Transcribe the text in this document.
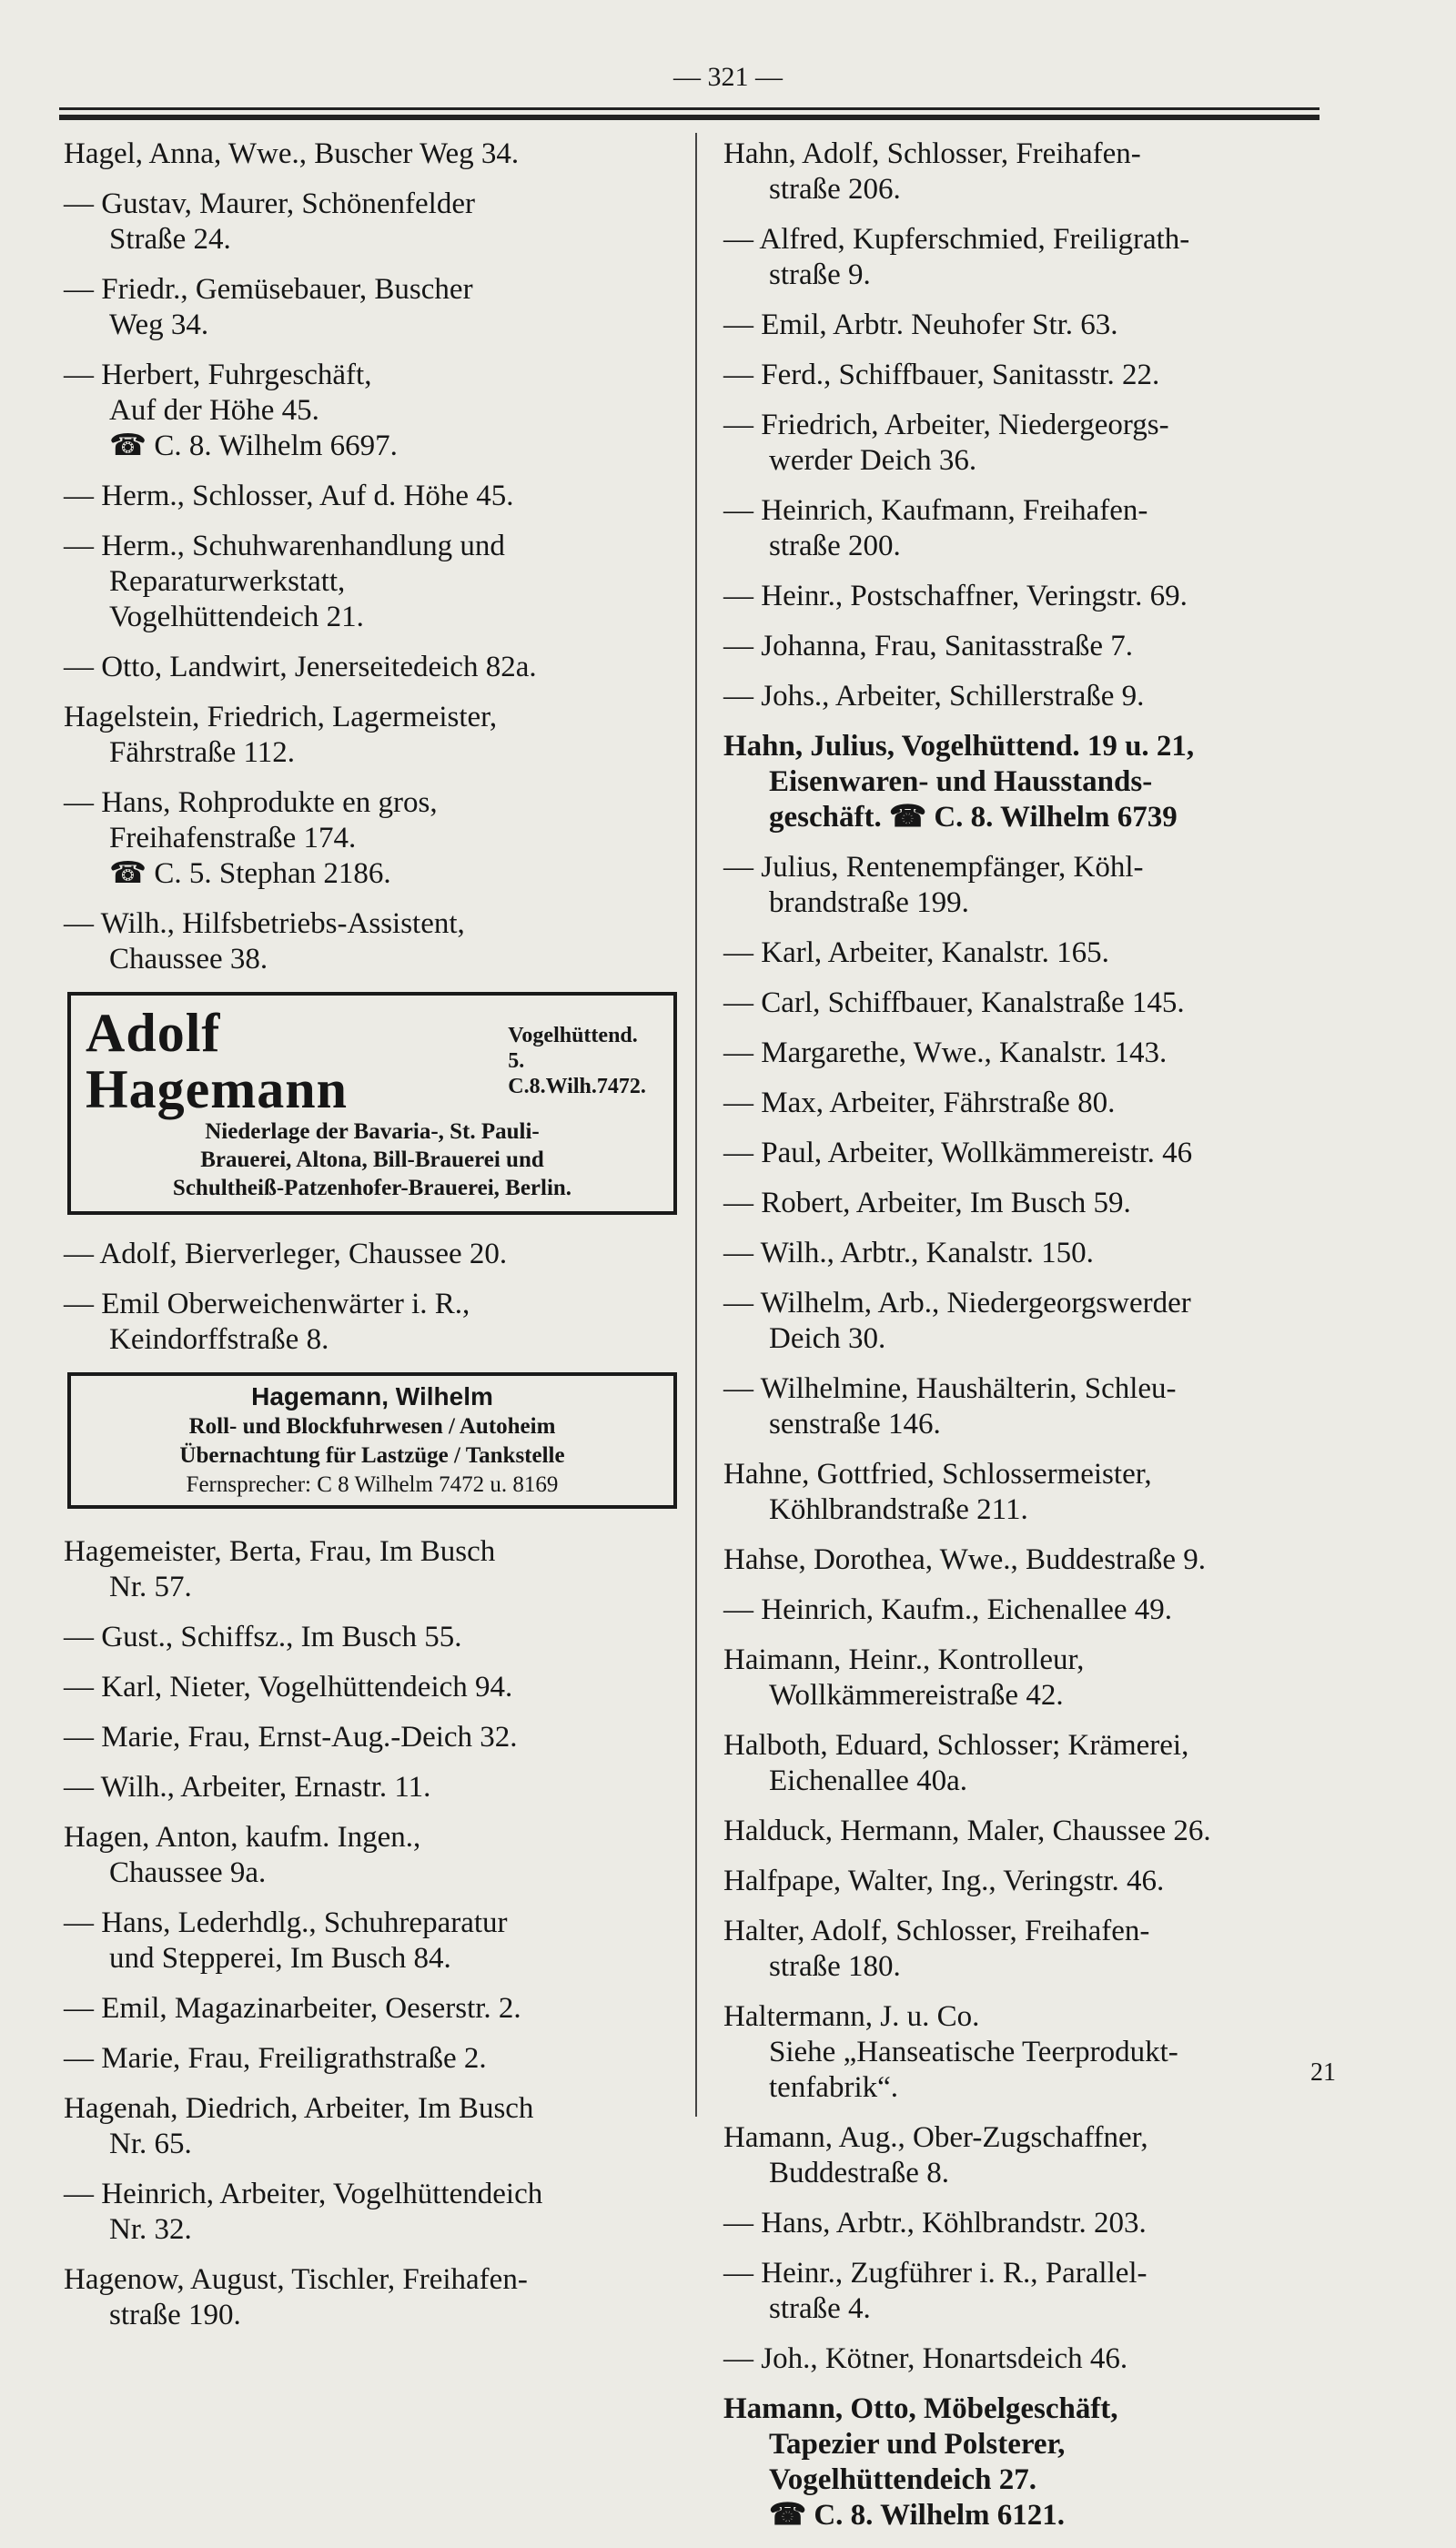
— 321 —
Hagel, Anna, Wwe., Buscher Weg 34.
— Gustav, Maurer, Schönenfelder
Straße 24.
— Friedr., Gemüsebauer, Buscher
Weg 34.
— Herbert, Fuhrgeschäft,
Auf der Höhe 45.
☎ C. 8. Wilhelm 6697.
— Herm., Schlosser, Auf d. Höhe 45.
— Herm., Schuhwarenhandlung und
Reparaturwerkstatt,
Vogelhüttendeich 21.
— Otto, Landwirt, Jenerseitedeich 82a.
Hagelstein, Friedrich, Lagermeister,
Fährstraße 112.
— Hans, Rohprodukte en gros,
Freihafenstraße 174.
☎ C. 5. Stephan 2186.
— Wilh., Hilfsbetriebs-Assistent,
Chaussee 38.
Adolf Hagemann
Vogelhüttend. 5.
C.8.Wilh.7472.
Niederlage der Bavaria-, St. Pauli-
Brauerei, Altona, Bill-Brauerei und
Schultheiß-Patzenhofer-Brauerei, Berlin.
— Adolf, Bierverleger, Chaussee 20.
— Emil Oberweichenwärter i. R.,
Keindorffstraße 8.
Hagemann, Wilhelm
Roll- und Blockfuhrwesen / Autoheim
Übernachtung für Lastzüge / Tankstelle
Fernsprecher: C 8 Wilhelm 7472 u. 8169
Hagemeister, Berta, Frau, Im Busch
Nr. 57.
— Gust., Schiffsz., Im Busch 55.
— Karl, Nieter, Vogelhüttendeich 94.
— Marie, Frau, Ernst-Aug.-Deich 32.
— Wilh., Arbeiter, Ernastr. 11.
Hagen, Anton, kaufm. Ingen.,
Chaussee 9a.
— Hans, Lederhdlg., Schuhreparatur
und Stepperei, Im Busch 84.
— Emil, Magazinarbeiter, Oeserstr. 2.
— Marie, Frau, Freiligrathstraße 2.
Hagenah, Diedrich, Arbeiter, Im Busch
Nr. 65.
— Heinrich, Arbeiter, Vogelhüttendeich
Nr. 32.
Hagenow, August, Tischler, Freihafen-
straße 190.
Hahn, Adolf, Schlosser, Freihafen-
straße 206.
— Alfred, Kupferschmied, Freiligrath-
straße 9.
— Emil, Arbtr. Neuhofer Str. 63.
— Ferd., Schiffbauer, Sanitasstr. 22.
— Friedrich, Arbeiter, Niedergeorgs-
werder Deich 36.
— Heinrich, Kaufmann, Freihafen-
straße 200.
— Heinr., Postschaffner, Veringstr. 69.
— Johanna, Frau, Sanitasstraße 7.
— Johs., Arbeiter, Schillerstraße 9.
Hahn, Julius, Vogelhüttend. 19 u. 21,
Eisenwaren- und Hausstands-
geschäft. ☎ C. 8. Wilhelm 6739
— Julius, Rentenempfänger, Köhl-
brandstraße 199.
— Karl, Arbeiter, Kanalstr. 165.
— Carl, Schiffbauer, Kanalstraße 145.
— Margarethe, Wwe., Kanalstr. 143.
— Max, Arbeiter, Fährstraße 80.
— Paul, Arbeiter, Wollkämmereistr. 46
— Robert, Arbeiter, Im Busch 59.
— Wilh., Arbtr., Kanalstr. 150.
— Wilhelm, Arb., Niedergeorgswerder
Deich 30.
— Wilhelmine, Haushälterin, Schleu-
senstraße 146.
Hahne, Gottfried, Schlossermeister,
Köhlbrandstraße 211.
Hahse, Dorothea, Wwe., Buddestraße 9.
— Heinrich, Kaufm., Eichenallee 49.
Haimann, Heinr., Kontrolleur,
Wollkämmereistraße 42.
Halboth, Eduard, Schlosser; Krämerei,
Eichenallee 40a.
Halduck, Hermann, Maler, Chaussee 26.
Halfpape, Walter, Ing., Veringstr. 46.
Halter, Adolf, Schlosser, Freihafen-
straße 180.
Haltermann, J. u. Co.
Siehe „Hanseatische Teerprodukt-
tenfabrik“.
Hamann, Aug., Ober-Zugschaffner,
Buddestraße 8.
— Hans, Arbtr., Köhlbrandstr. 203.
— Heinr., Zugführer i. R., Parallel-
straße 4.
— Joh., Kötner, Honartsdeich 46.
Hamann, Otto, Möbelgeschäft,
Tapezier und Polsterer,
Vogelhüttendeich 27.
☎ C. 8. Wilhelm 6121.
21
